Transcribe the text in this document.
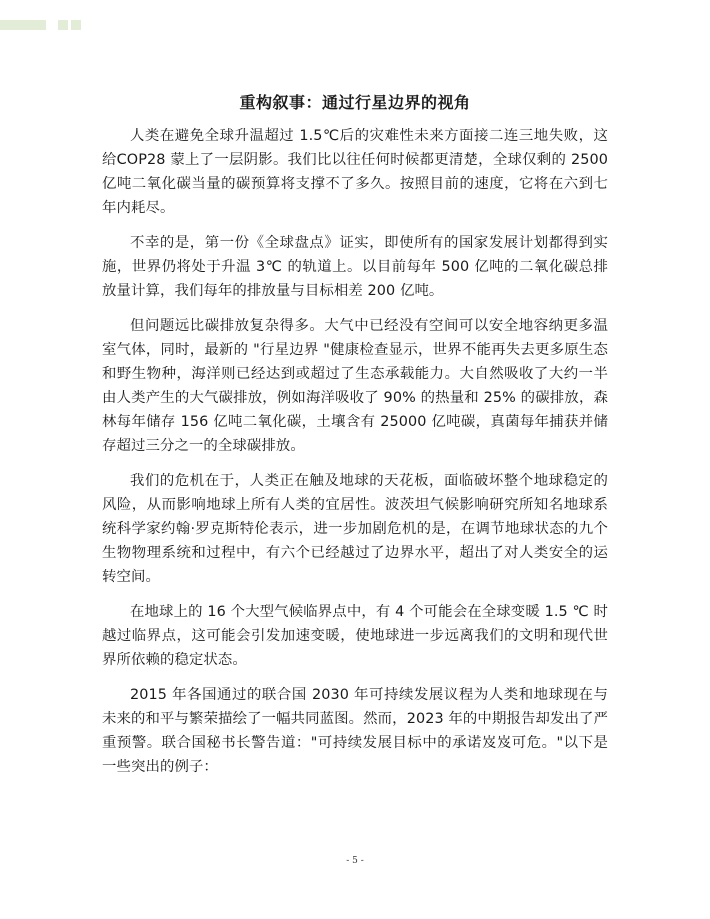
重构叙事：通过行星边界的视角

人类在避免全球升温超过 1.5℃后的灾难性未来方面接二连三地失败，这给COP28 蒙上了一层阴影。我们比以往任何时候都更清楚，全球仅剩的 2500 亿吨二氧化碳当量的碳预算将支撑不了多久。按照目前的速度，它将在六到七年内耗尽。

不幸的是，第一份《全球盘点》证实，即使所有的国家发展计划都得到实施，世界仍将处于升温 3℃ 的轨道上。以目前每年 500 亿吨的二氧化碳总排放量计算，我们每年的排放量与目标相差 200 亿吨。

但问题远比碳排放复杂得多。大气中已经没有空间可以安全地容纳更多温室气体，同时，最新的 "行星边界 "健康检查显示，世界不能再失去更多原生态和野生物种，海洋则已经达到或超过了生态承载能力。大自然吸收了大约一半由人类产生的大气碳排放，例如海洋吸收了 90% 的热量和 25% 的碳排放，森林每年储存 156 亿吨二氧化碳，土壤含有 25000 亿吨碳，真菌每年捕获并储存超过三分之一的全球碳排放。

我们的危机在于，人类正在触及地球的天花板，面临破坏整个地球稳定的风险，从而影响地球上所有人类的宜居性。波茨坦气候影响研究所知名地球系统科学家约翰·罗克斯特伦表示，进一步加剧危机的是，在调节地球状态的九个生物物理系统和过程中，有六个已经越过了边界水平，超出了对人类安全的运转空间。

在地球上的 16 个大型气候临界点中，有 4 个可能会在全球变暖 1.5 ℃ 时越过临界点，这可能会引发加速变暖，使地球进一步远离我们的文明和现代世界所依赖的稳定状态。

2015 年各国通过的联合国 2030 年可持续发展议程为人类和地球现在与未来的和平与繁荣描绘了一幅共同蓝图。然而，2023 年的中期报告却发出了严重预警。联合国秘书长警告道："可持续发展目标中的承诺岌岌可危。"以下是一些突出的例子：

- 5 -
